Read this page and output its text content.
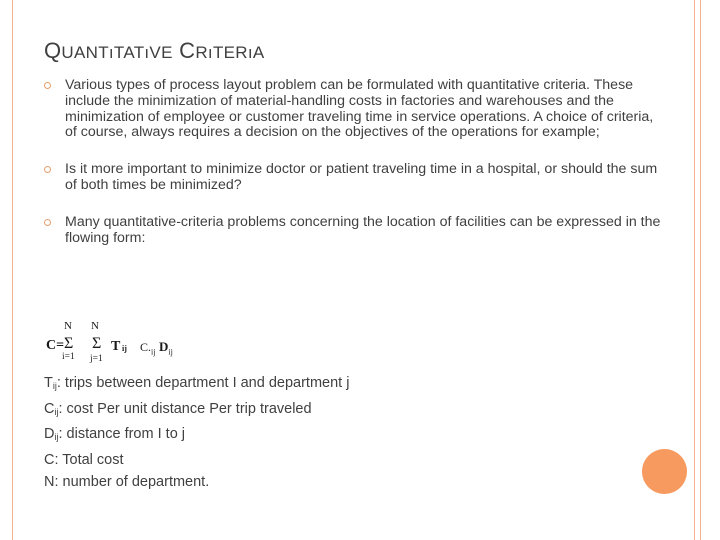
QUANTıTATıVE CRıTERıA
Various types of process layout problem can be formulated with quantitative criteria. These include the minimization of material-handling costs in factories and warehouses and the minimization of employee or customer traveling time in service operations. A choice of criteria, of course, always requires a decision on the objectives of the operations for example;
Is it more important to minimize doctor or patient traveling time in a hospital, or should the sum of both times be minimized?
Many quantitative-criteria problems concerning the location of facilities can be expressed in the flowing form:
N N
C= Σ Σ
i=1 j=1
T ij $C._{ij}$ $D_{ij}$
$T_{ij}$: trips between department I and department j
$C_{ij}$: cost Per unit distance Per trip traveled
$D_{ij}$: distance from I to j
C: Total cost
N: number of department.
